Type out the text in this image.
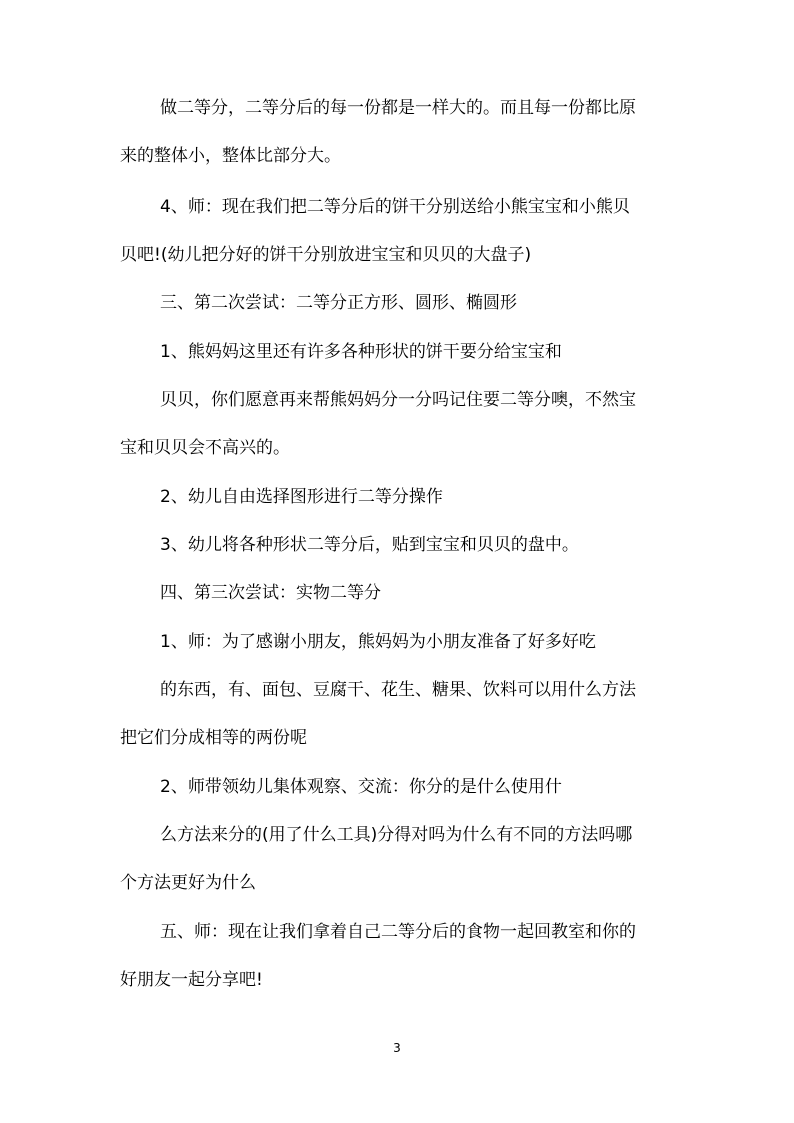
做二等分，二等分后的每一份都是一样大的。而且每一份都比原

来的整体小，整体比部分大。

4、师：现在我们把二等分后的饼干分别送给小熊宝宝和小熊贝

贝吧!(幼儿把分好的饼干分别放进宝宝和贝贝的大盘子)

三、第二次尝试：二等分正方形、圆形、椭圆形

1、熊妈妈这里还有许多各种形状的饼干要分给宝宝和

贝贝，你们愿意再来帮熊妈妈分一分吗记住要二等分噢，不然宝

宝和贝贝会不高兴的。

2、幼儿自由选择图形进行二等分操作

3、幼儿将各种形状二等分后，贴到宝宝和贝贝的盘中。

四、第三次尝试：实物二等分

1、师：为了感谢小朋友，熊妈妈为小朋友准备了好多好吃

的东西，有、面包、豆腐干、花生、糖果、饮料可以用什么方法

把它们分成相等的两份呢

2、师带领幼儿集体观察、交流：你分的是什么使用什

么方法来分的(用了什么工具)分得对吗为什么有不同的方法吗哪

个方法更好为什么

五、师：现在让我们拿着自己二等分后的食物一起回教室和你的

好朋友一起分享吧!

3
